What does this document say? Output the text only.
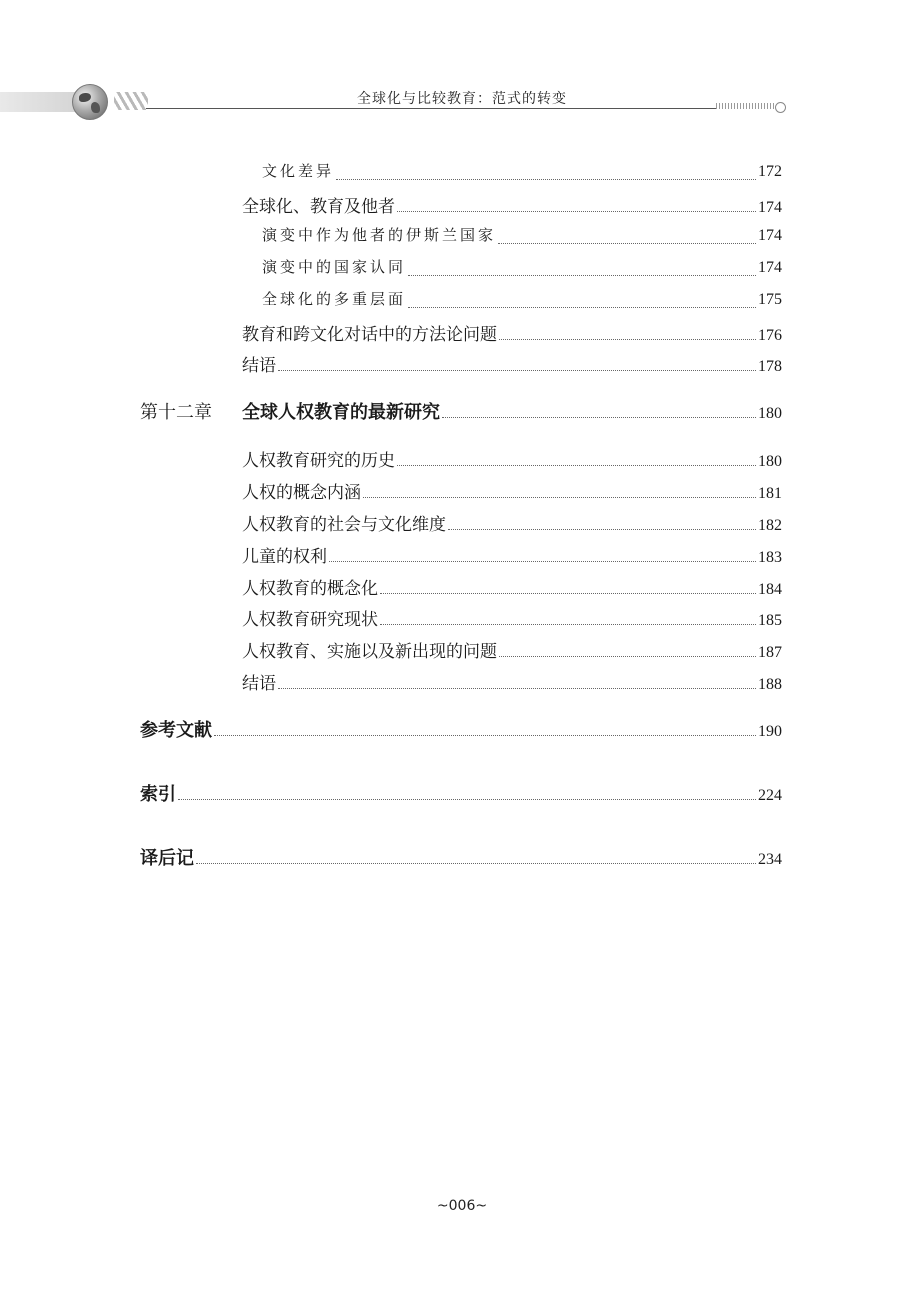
全球化与比较教育：范式的转变
文化差异	172
全球化、教育及他者	174
演变中作为他者的伊斯兰国家	174
演变中的国家认同	174
全球化的多重层面	175
教育和跨文化对话中的方法论问题	176
结语	178
第十二章	全球人权教育的最新研究	180
人权教育研究的历史	180
人权的概念内涵	181
人权教育的社会与文化维度	182
儿童的权利	183
人权教育的概念化	184
人权教育研究现状	185
人权教育、实施以及新出现的问题	187
结语	188
参考文献	190
索引	224
译后记	234
~006~
